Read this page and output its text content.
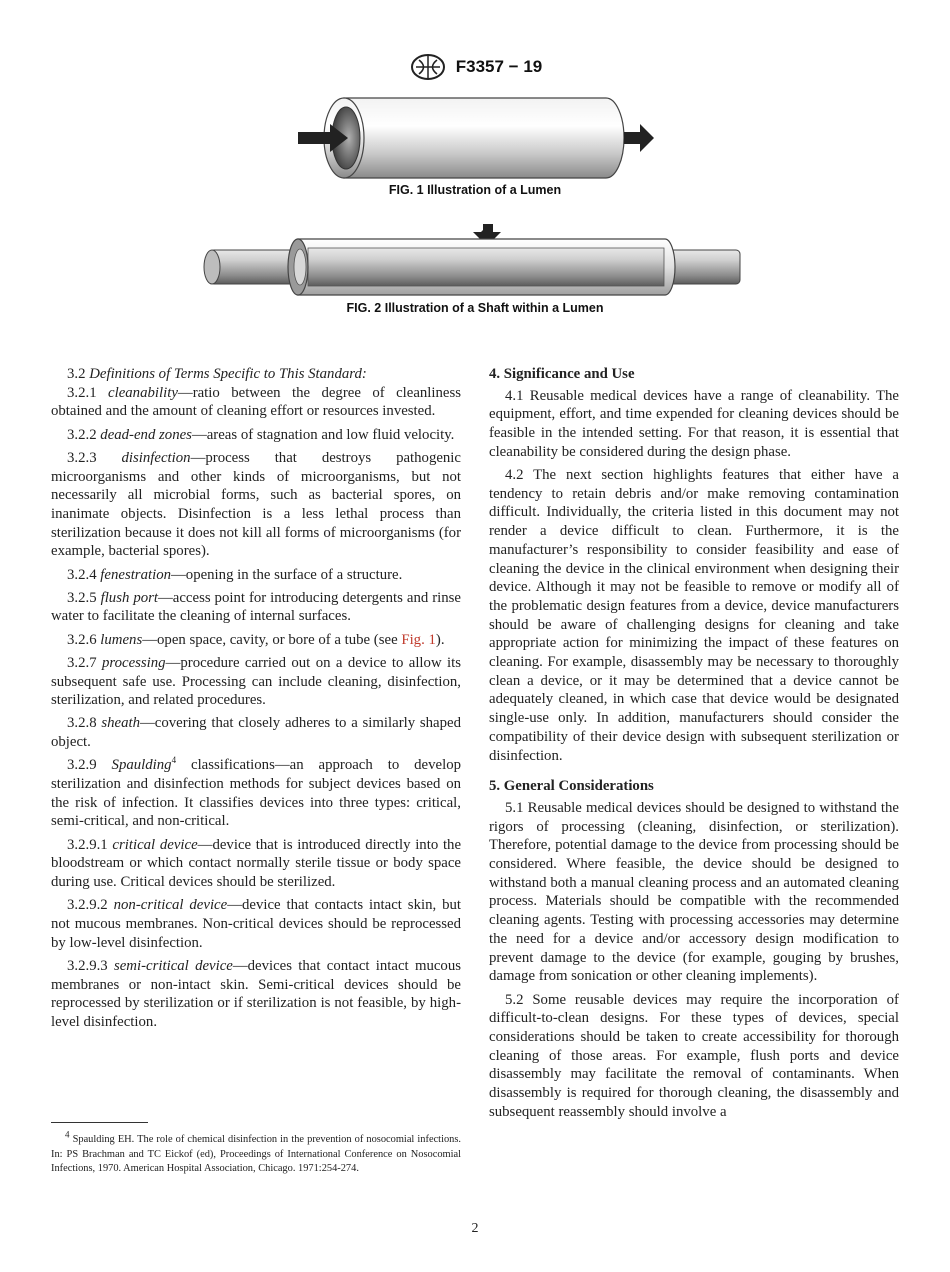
F3357 − 19
FIG. 1 Illustration of a Lumen
FIG. 2 Illustration of a Shaft within a Lumen

3.2 Definitions of Terms Specific to This Standard:

3.2.1 cleanability—ratio between the degree of cleanliness obtained and the amount of cleaning effort or resources invested.

3.2.2 dead-end zones—areas of stagnation and low fluid velocity.

3.2.3 disinfection—process that destroys pathogenic microorganisms and other kinds of microorganisms, but not necessarily all microbial forms, such as bacterial spores, on inanimate objects. Disinfection is a less lethal process than sterilization because it does not kill all forms of microorganisms (for example, bacterial spores).

3.2.4 fenestration—opening in the surface of a structure.

3.2.5 flush port—access point for introducing detergents and rinse water to facilitate the cleaning of internal surfaces.

3.2.6 lumens—open space, cavity, or bore of a tube (see Fig. 1).

3.2.7 processing—procedure carried out on a device to allow its subsequent safe use. Processing can include cleaning, disinfection, sterilization, and related procedures.

3.2.8 sheath—covering that closely adheres to a similarly shaped object.

3.2.9 Spaulding$^4$ classifications—an approach to develop sterilization and disinfection methods for subject devices based on the risk of infection. It classifies devices into three types: critical, semi-critical, and non-critical.

3.2.9.1 critical device—device that is introduced directly into the bloodstream or which contact normally sterile tissue or body space during use. Critical devices should be sterilized.

3.2.9.2 non-critical device—device that contacts intact skin, but not mucous membranes. Non-critical devices should be reprocessed by low-level disinfection.

3.2.9.3 semi-critical device—devices that contact intact mucous membranes or non-intact skin. Semi-critical devices should be reprocessed by sterilization or if sterilization is not feasible, by high-level disinfection.

4. Significance and Use

4.1 Reusable medical devices have a range of cleanability. The equipment, effort, and time expended for cleaning devices should be feasible in the intended setting. For that reason, it is essential that cleanability be considered during the design phase.

4.2 The next section highlights features that either have a tendency to retain debris and/or make removing contamination difficult. Individually, the criteria listed in this document may not render a device difficult to clean. Furthermore, it is the manufacturer’s responsibility to consider feasibility and ease of cleaning the device in the clinical environment when designing their device. Although it may not be feasible to remove or modify all of the problematic design features from a device, device manufacturers should be aware of challenging designs for cleaning and take appropriate action for minimizing the impact of these features on cleaning. For example, disassembly may be necessary to thoroughly clean a device, or it may be determined that a device cannot be adequately cleaned, in which case that device would be designated single-use only. In addition, manufacturers should consider the compatibility of their device design with subsequent sterilization or disinfection.

5. General Considerations

5.1 Reusable medical devices should be designed to withstand the rigors of processing (cleaning, disinfection, or sterilization). Therefore, potential damage to the device from processing should be considered. Where feasible, the device should be designed to withstand both a manual cleaning process and an automated cleaning process. Materials should be compatible with the recommended cleaning agents. Testing with processing accessories may determine the need for a device and/or accessory design modification to prevent damage to the device (for example, gouging by brushes, damage from sonication or other cleaning implements).

5.2 Some reusable devices may require the incorporation of difficult-to-clean designs. For these types of devices, special considerations should be taken to create accessibility for thorough cleaning of those areas. For example, flush ports and device disassembly may facilitate the removal of contaminants. When disassembly is required for thorough cleaning, the disassembly and subsequent reassembly should involve a

$^4$ Spaulding EH. The role of chemical disinfection in the prevention of nosocomial infections. In: PS Brachman and TC Eickof (ed), Proceedings of International Conference on Nosocomial Infections, 1970. American Hospital Association, Chicago. 1971:254-274.
2
